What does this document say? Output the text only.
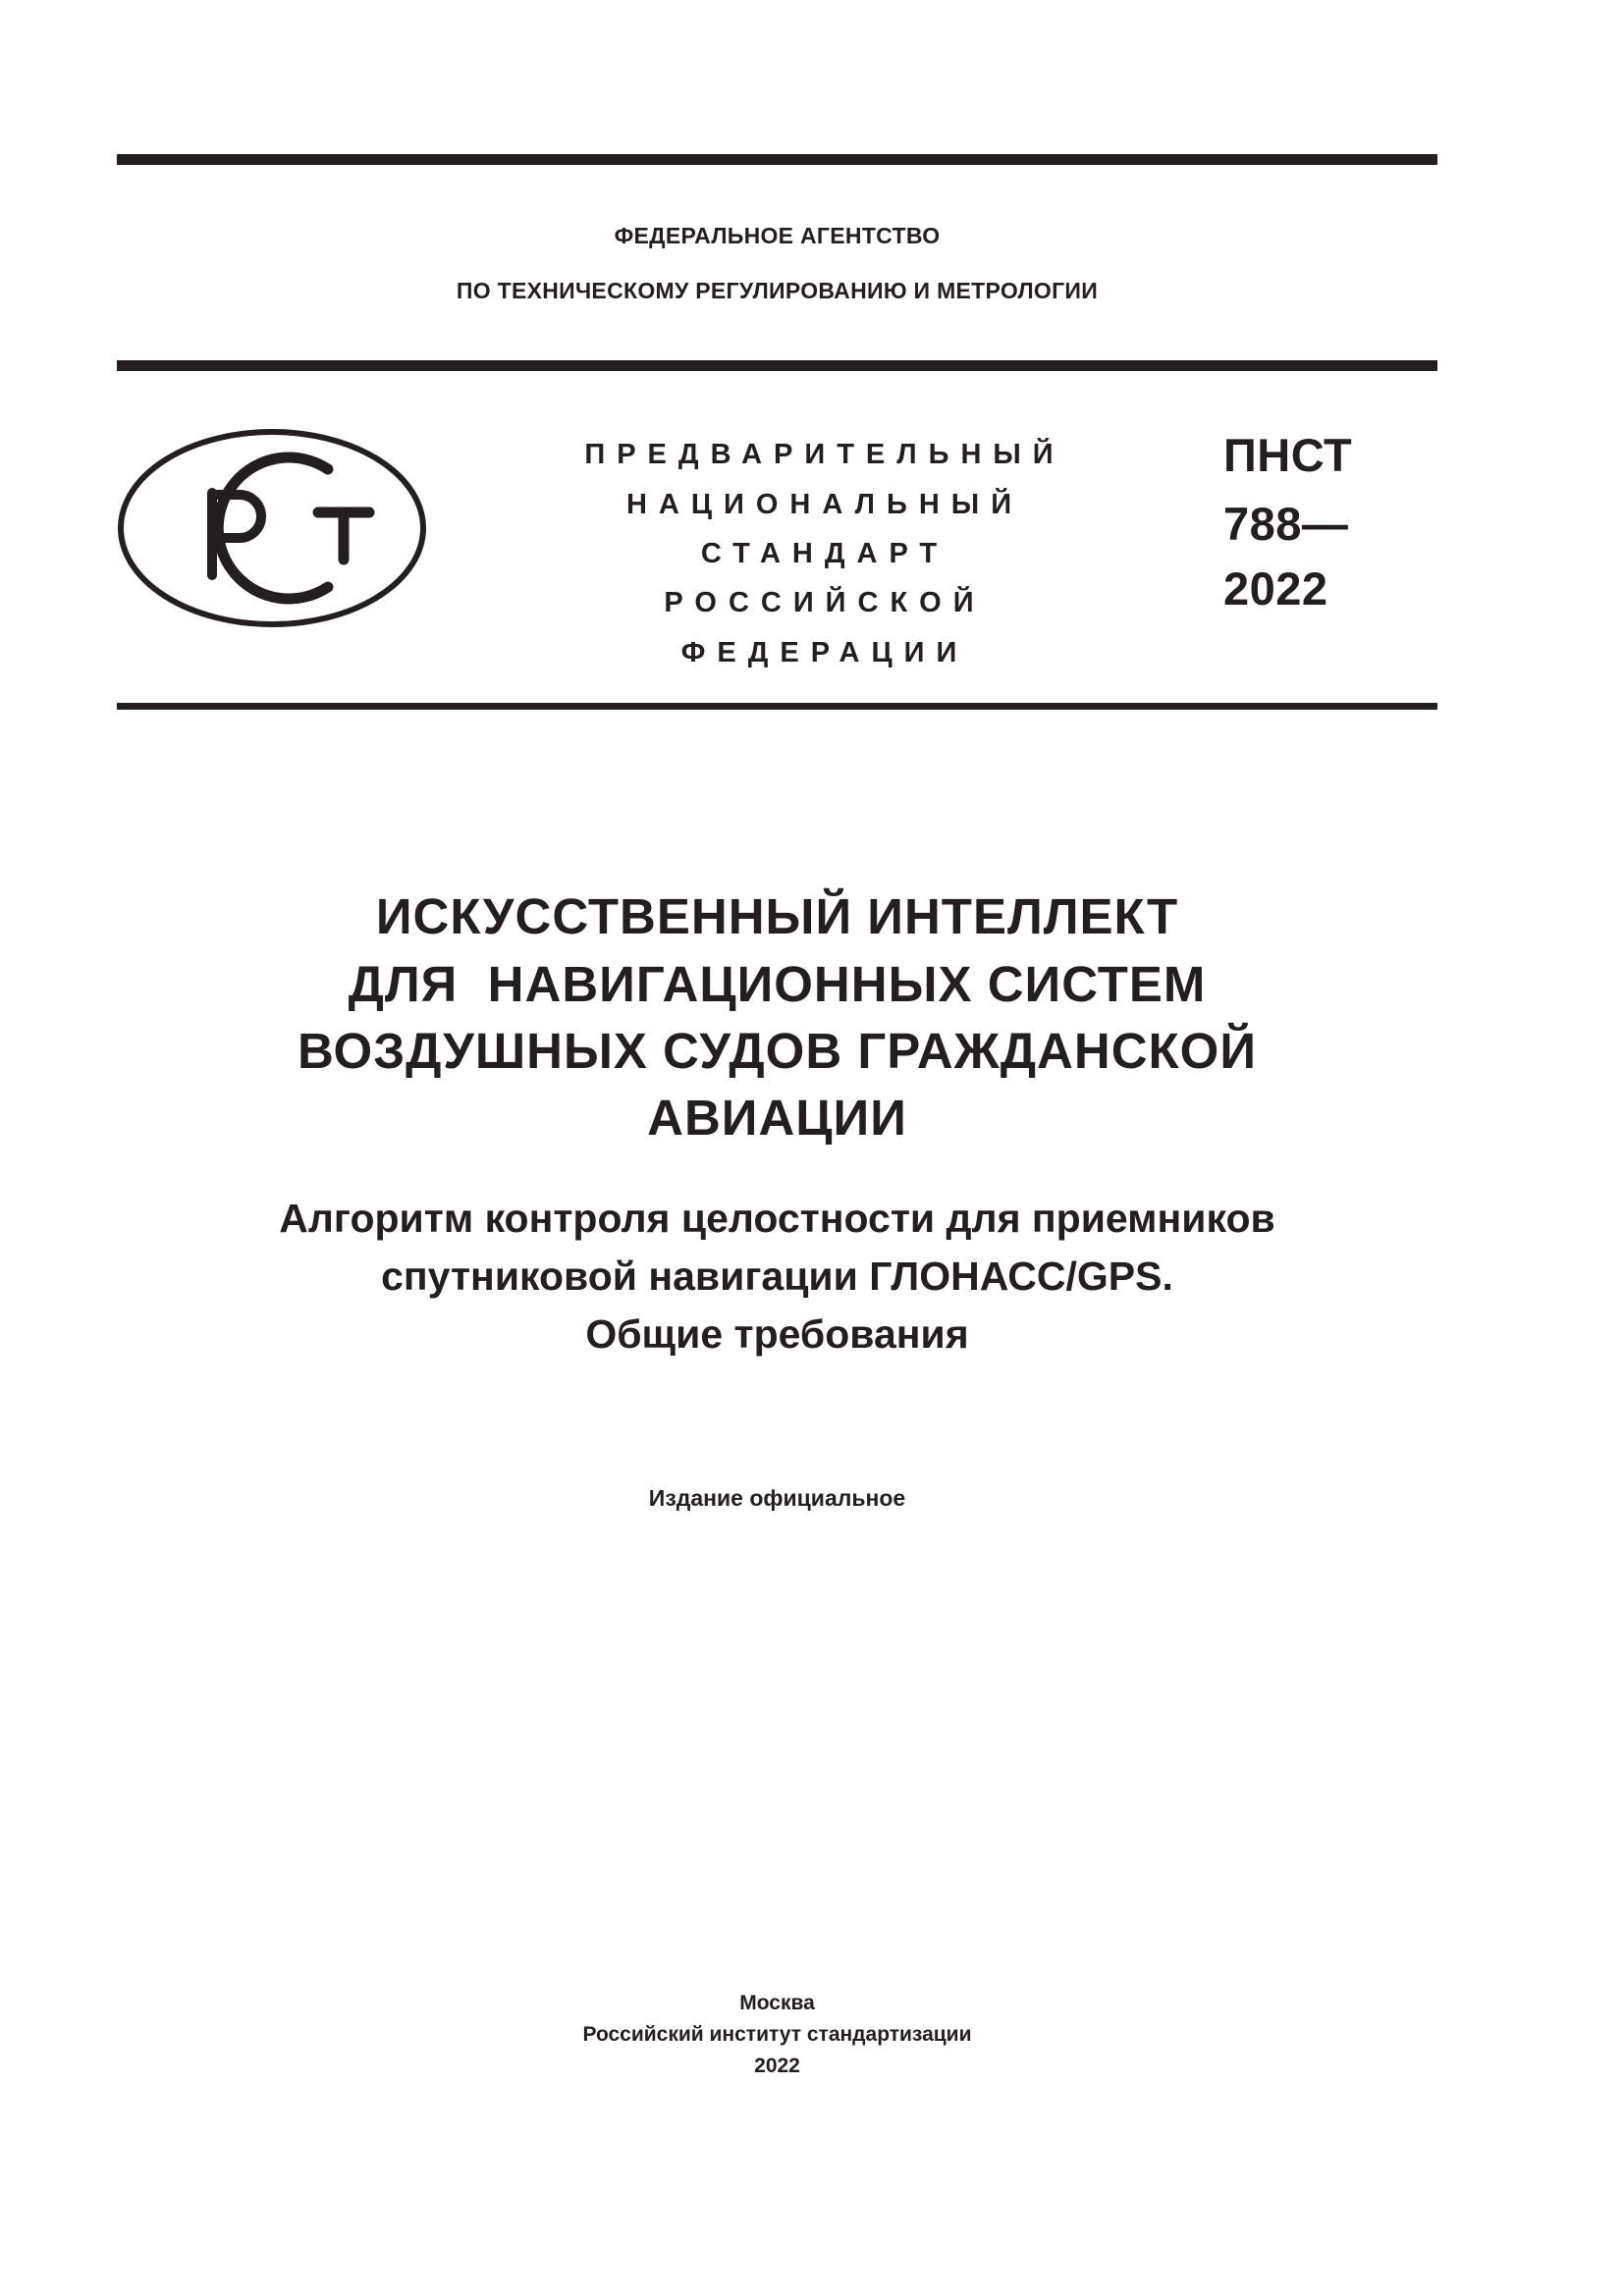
ФЕДЕРАЛЬНОЕ АГЕНТСТВО
ПО ТЕХНИЧЕСКОМУ РЕГУЛИРОВАНИЮ И МЕТРОЛОГИИ
ПРЕДВАРИТЕЛЬНЫЙ
НАЦИОНАЛЬНЫЙ
СТАНДАРТ
РОССИЙСКОЙ
ФЕДЕРАЦИИ
ПНСТ
788—
2022
ИСКУССТВЕННЫЙ ИНТЕЛЛЕКТ
ДЛЯ  НАВИГАЦИОННЫХ СИСТЕМ
ВОЗДУШНЫХ СУДОВ ГРАЖДАНСКОЙ
АВИАЦИИ
Алгоритм контроля целостности для приемников
спутниковой навигации ГЛОНАСС/GPS.
Общие требования
Издание официальное
Москва
Российский институт стандартизации
2022
